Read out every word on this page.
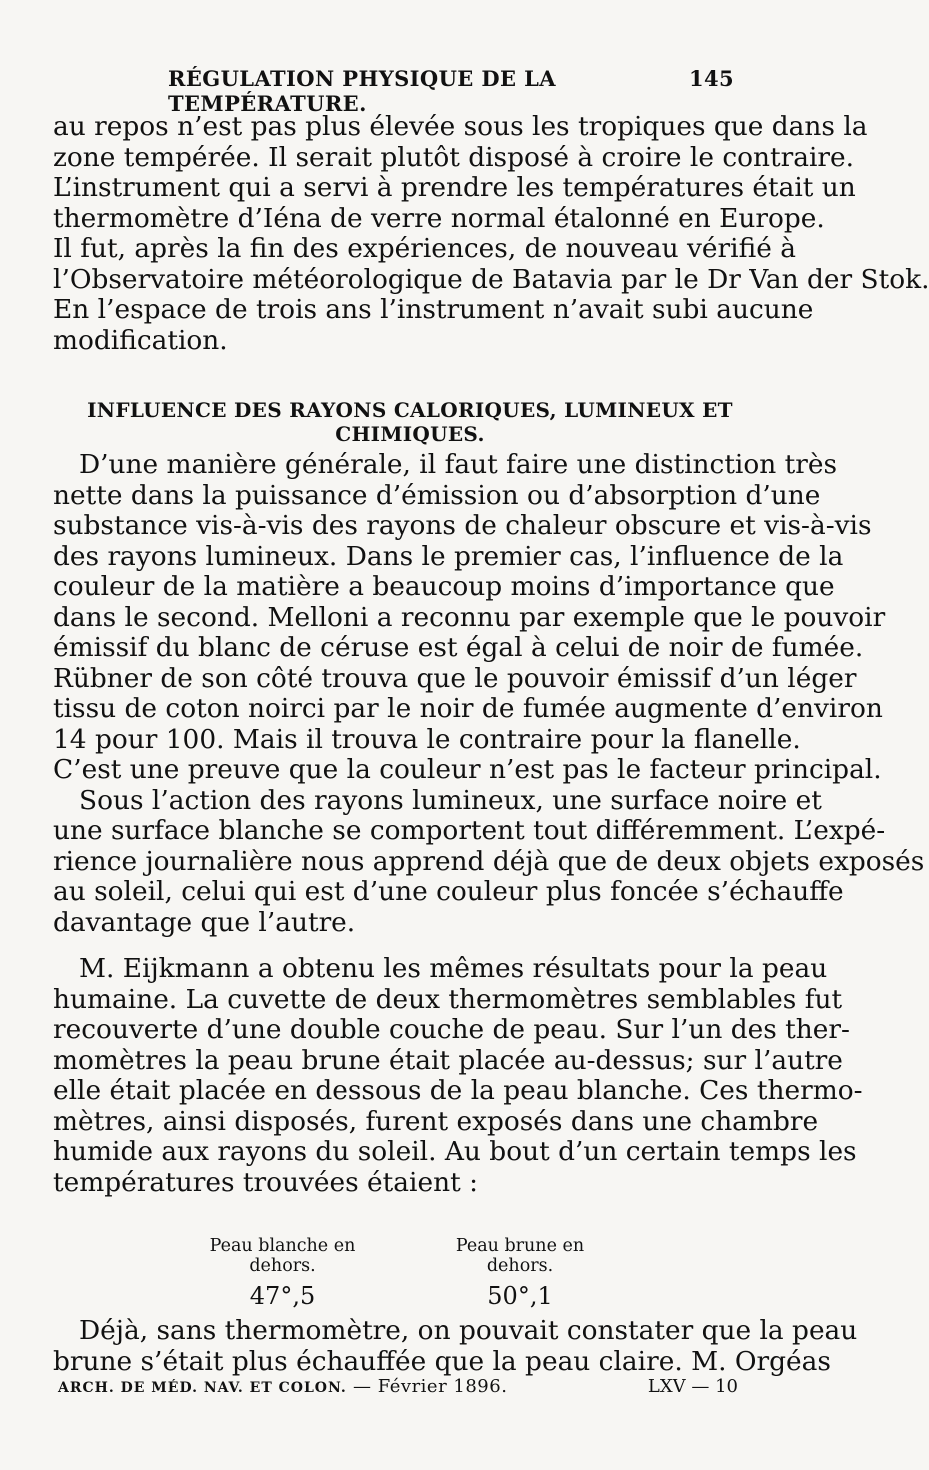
RÉGULATION PHYSIQUE DE LA TEMPÉRATURE.
145
au repos n’est pas plus élevée sous les tropiques que dans la
zone tempérée. Il serait plutôt disposé à croire le contraire.
L’instrument qui a servi à prendre les températures était un
thermomètre d’Iéna de verre normal étalonné en Europe.
Il fut, après la fin des expériences, de nouveau vérifié à
l’Observatoire météorologique de Batavia par le Dr Van der Stok.
En l’espace de trois ans l’instrument n’avait subi aucune
modification.
INFLUENCE DES RAYONS CALORIQUES, LUMINEUX ET CHIMIQUES.
D’une manière générale, il faut faire une distinction très
nette dans la puissance d’émission ou d’absorption d’une
substance vis-à-vis des rayons de chaleur obscure et vis-à-vis
des rayons lumineux. Dans le premier cas, l’influence de la
couleur de la matière a beaucoup moins d’importance que
dans le second. Melloni a reconnu par exemple que le pouvoir
émissif du blanc de céruse est égal à celui de noir de fumée.
Rübner de son côté trouva que le pouvoir émissif d’un léger
tissu de coton noirci par le noir de fumée augmente d’environ
14 pour 100. Mais il trouva le contraire pour la flanelle.
C’est une preuve que la couleur n’est pas le facteur principal.
Sous l’action des rayons lumineux, une surface noire et
une surface blanche se comportent tout différemment. L’expé-
rience journalière nous apprend déjà que de deux objets exposés
au soleil, celui qui est d’une couleur plus foncée s’échauffe
davantage que l’autre.
M. Eijkmann a obtenu les mêmes résultats pour la peau
humaine. La cuvette de deux thermomètres semblables fut
recouverte d’une double couche de peau. Sur l’un des ther-
momètres la peau brune était placée au-dessus; sur l’autre
elle était placée en dessous de la peau blanche. Ces thermo-
mètres, ainsi disposés, furent exposés dans une chambre
humide aux rayons du soleil. Au bout d’un certain temps les
températures trouvées étaient :
Peau blanche en dehors.
47°,5
Peau brune en dehors.
50°,1
Déjà, sans thermomètre, on pouvait constater que la peau
brune s’était plus échauffée que la peau claire. M. Orgéas
ARCH. DE MÉD. NAV. ET COLON. — Février 1896.	LXV — 10
